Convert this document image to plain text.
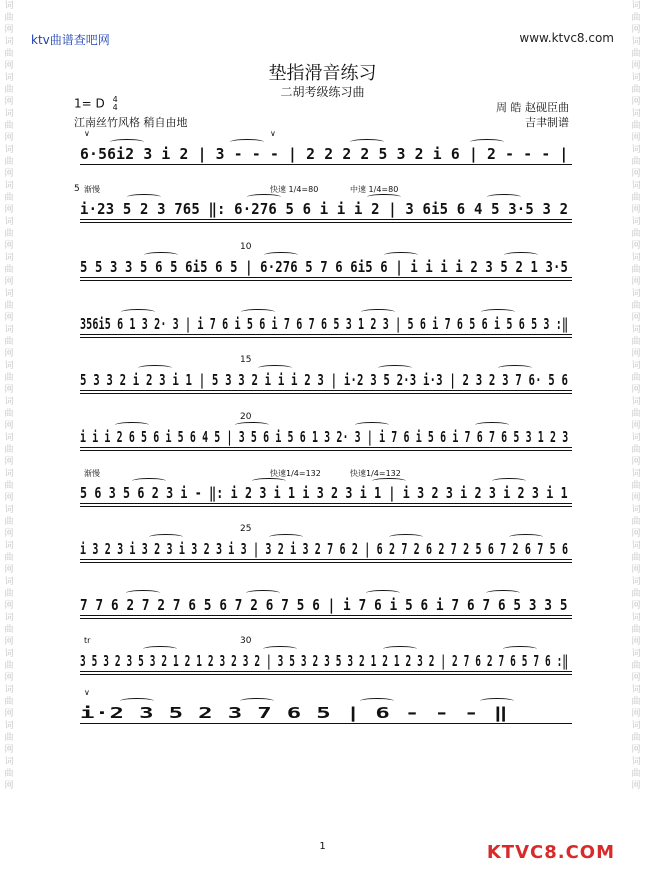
词
曲
网
词
曲
网
词
曲
网
词
曲
网
词
曲
网
词
曲
网
词
曲
网
词
曲
网
词
曲
网
词
曲
网
词
曲
网
词
曲
网
词
曲
网
词
曲
网
词
曲
网
词
曲
网
词
曲
网
词
曲
网
词
曲
网
词
曲
网
词
曲
网
词
曲
网
词
曲
网
词
曲
网
词
曲
网
词
曲
网
词
曲
网
词
曲
网
词
曲
网
词
曲
网
词
曲
网
词
曲
网
词
曲
网
词
曲
网
词
曲
网
词
曲
网
词
曲
网
词
曲
网
词
曲
网
词
曲
网
词
曲
网
词
曲
网
词
曲
网
词
曲
网
ktv曲谱查吧网	www.ktvc8.com
垫指滑音练习
二胡考级练习曲
1= D 4
4
江南丝竹风格 稍自由地
周 皓 赵砚臣曲
吉聿制谱
6·56i2 3 i 2 | 3 - - - | 2 2 2 2 5 3 2 i 6 | 2 - - - |
∨	∨
i·23 5 2 3 765 ‖: 6·276 5 6 i i i 2 | 3 6i5 6 4 5 3·5 3 2
5 渐慢	快速 1/4=80	中速 1/4=80
5 5 3 3 5 6 5 6i5 6 5 | 6·276 5 7 6 6i5 6 | i i i i 2 3 5 2 1 3·5
10
356i5 6 1 3 2· 3 | i 7 6 i 5 6 i 7 6 7 6 5 3 1 2 3 | 5 6 i 7 6 5 6 i 5 6 5 3 :‖
5 3 3 2 i 2 3 i 1 | 5 3 3 2 i i i 2 3 | i·2 3 5 2·3 i·3 | 2 3 2 3 7 6· 5 6
15
i i i 2 6 5 6 i 5 6 4 5 | 3 5 6 i 5 6 1 3 2· 3 | i 7 6 i 5 6 i 7 6 7 6 5 3 1 2 3
20
5 6 3 5 6 2 3 i - ‖: i 2 3 i 1 i 3 2 3 i 1 | i 3 2 3 i 2 3 i 2 3 i 1
渐慢	快速1/4=132	快速1/4=132
i 3 2 3 i 3 2 3 i 3 2 3 i 3 | 3 2 i 3 2 7 6 2 | 6 2 7 2 6 2 7 2 5 6 7 2 6 7 5 6
25
7 7 6 2 7 2 7 6 5 6 7 2 6 7 5 6 | i 7 6 i 5 6 i 7 6 7 6 5 3 3 5
3 5 3 2 3 5 3 2 1 2 1 2 3 2 3 2 | 3 5 3 2 3 5 3 2 1 2 1 2 3 2 | 2 7 6 2 7 6 5 7 6 :‖
30
tr
i·2 3 5 2 3 7 6 5 | 6 - - - ‖
∨
1	KTVC8.COM
